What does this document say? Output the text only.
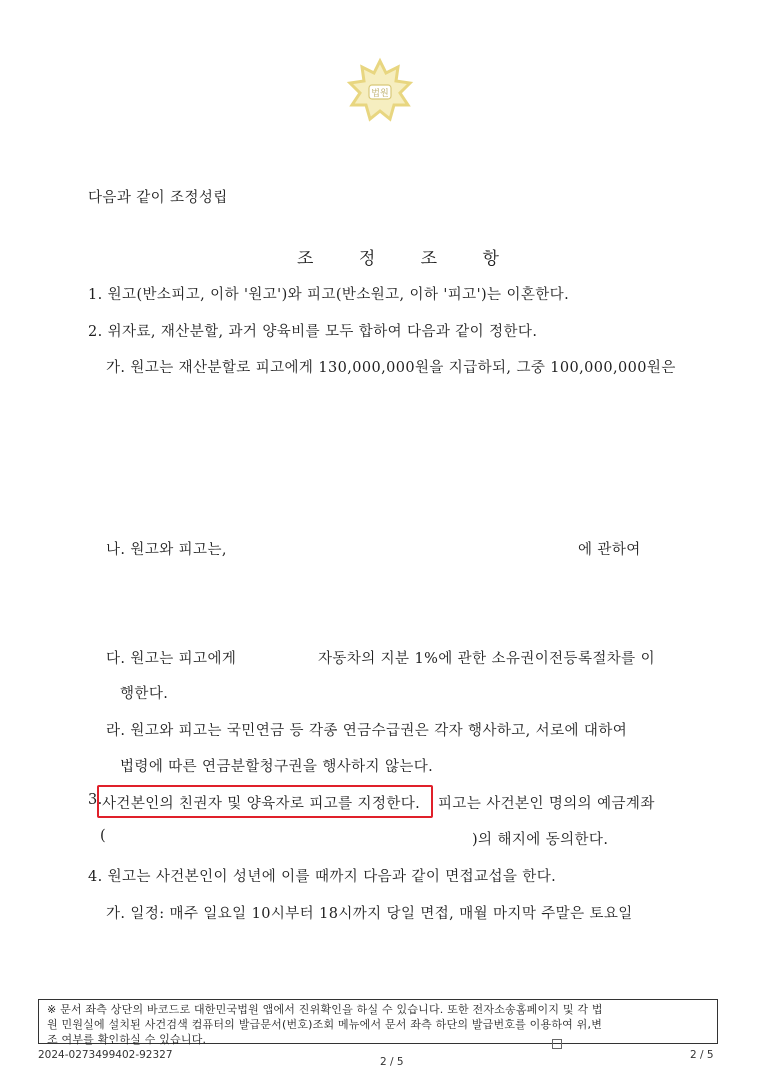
법원
다음과 같이 조정성립
조 정 조 항
1. 원고(반소피고, 이하 '원고')와 피고(반소원고, 이하 '피고')는 이혼한다.
2. 위자료, 재산분할, 과거 양육비를 모두 합하여 다음과 같이 정한다.
가. 원고는 재산분할로 피고에게 130,000,000원을 지급하되, 그중 100,000,000원은
나. 원고와 피고는,	에 관하여
다. 원고는 피고에게	자동차의 지분 1%에 관한 소유권이전등록절차를 이
행한다.
라. 원고와 피고는 국민연금 등 각종 연금수급권은 각자 행사하고, 서로에 대하여
법령에 따른 연금분할청구권을 행사하지 않는다.
3. 사건본인의 친권자 및 양육자로 피고를 지정한다. 피고는 사건본인 명의의 예금계좌
(	)의 해지에 동의한다.
4. 원고는 사건본인이 성년에 이를 때까지 다음과 같이 면접교섭을 한다.
가. 일정: 매주 일요일 10시부터 18시까지 당일 면접, 매월 마지막 주말은 토요일
※ 문서 좌측 상단의 바코드로 대한민국법원 앱에서 진위확인을 하실 수 있습니다. 또한 전자소송홈페이지 및 각 법
원 민원실에 설치된 사건검색 컴퓨터의 발급문서(번호)조회 메뉴에서 문서 좌측 하단의 발급번호를 이용하여 위,변
조 여부를 확인하실 수 있습니다.
2024-0273499402-92327
2 / 5
2 / 5
